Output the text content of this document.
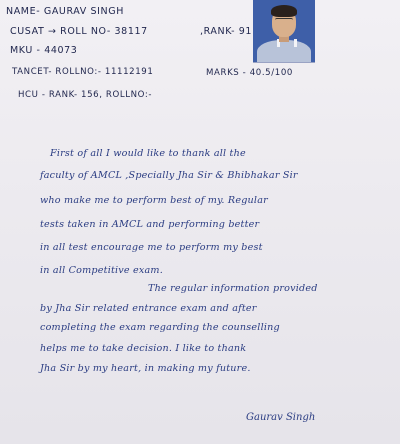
NAME- GAURAV SINGH
CUSAT → ROLL NO- 38117	,RANK- 91
MKU - 44073
TANCET- ROLLNO:- 11112191	MARKS - 40.5/100
HCU - RANK- 156, ROLLNO:-
First of all I would like to thank all the
faculty of AMCL ,Specially Jha Sir & Bhibhakar Sir
who make me to perform best of my. Regular
tests taken in AMCL and performing better
in all test encourage me to perform my best
in all Competitive exam.
The regular information provided
by Jha Sir related entrance exam and after
completing the exam regarding the counselling
helps me to take decision. I like to thank
Jha Sir by my heart, in making my future.
Gaurav Singh
